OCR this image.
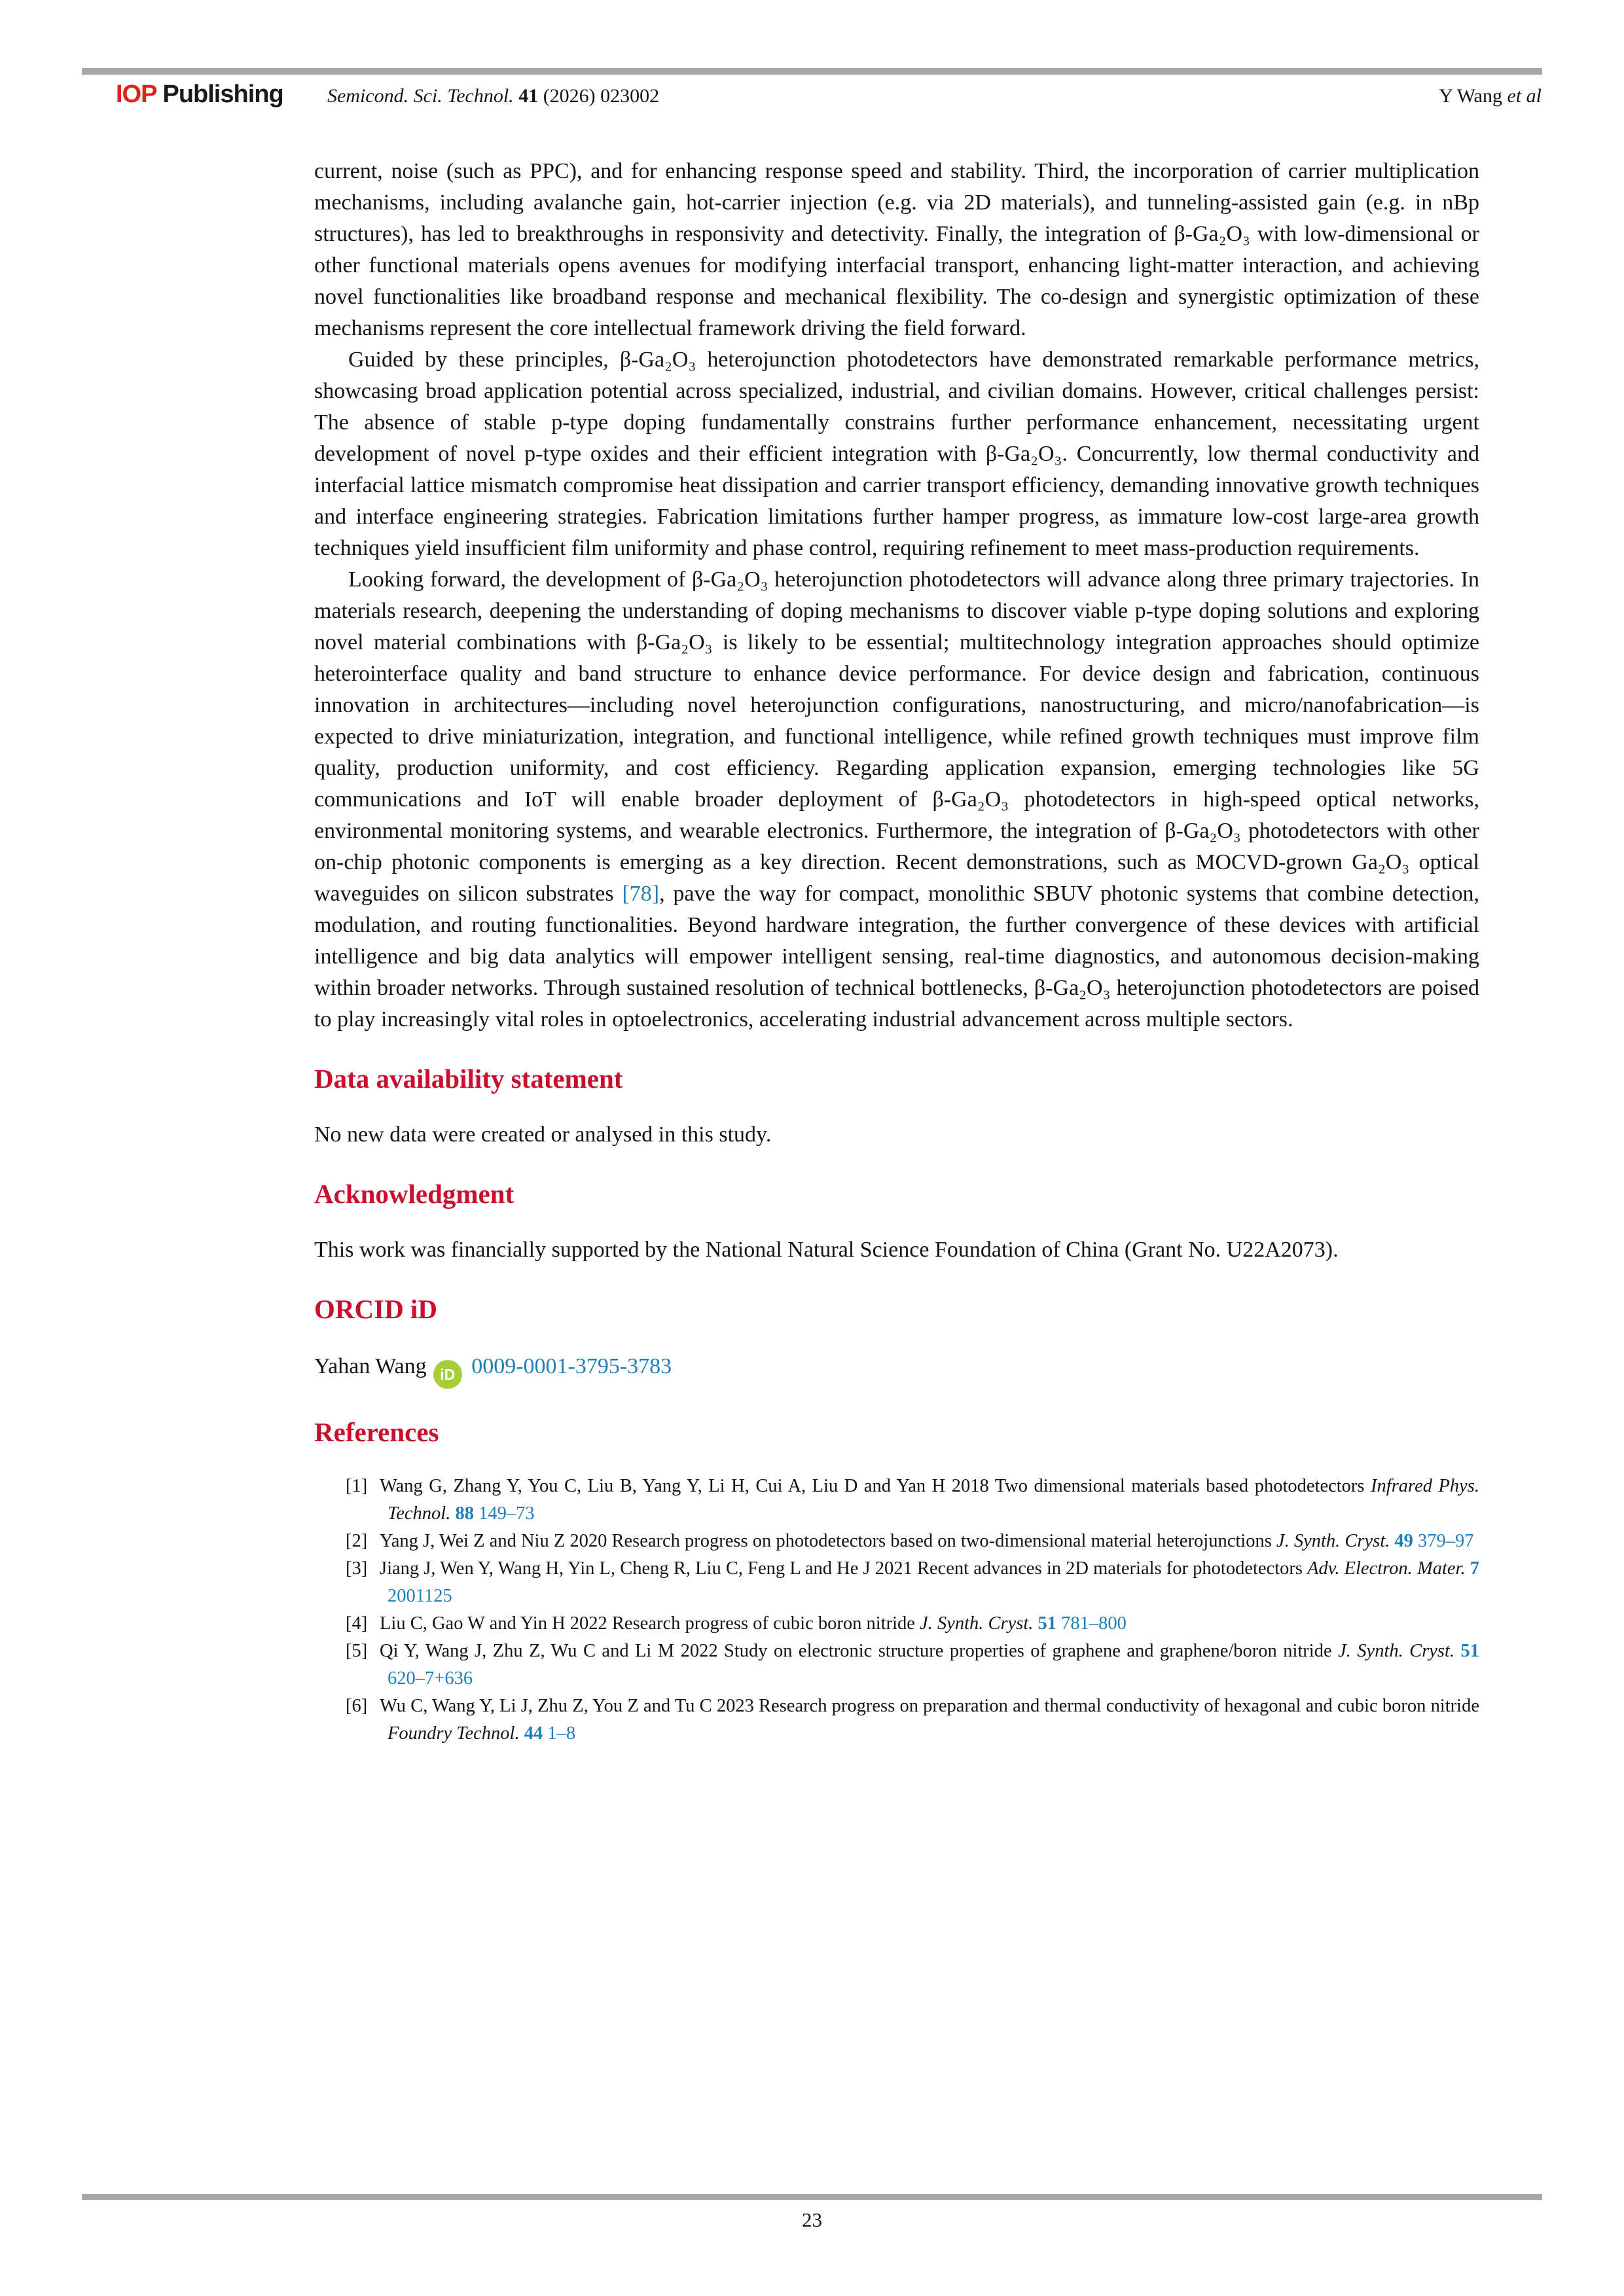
IOP Publishing Semicond. Sci. Technol. 41 (2026) 023002	Y Wang et al

current, noise (such as PPC), and for enhancing response speed and stability. Third, the incorporation of carrier multiplication mechanisms, including avalanche gain, hot-carrier injection (e.g. via 2D materials), and tunneling-assisted gain (e.g. in nBp structures), has led to breakthroughs in responsivity and detectivity. Finally, the integration of β-Ga₂O₃ with low-dimensional or other functional materials opens avenues for modifying interfacial transport, enhancing light-matter interaction, and achieving novel functionalities like broadband response and mechanical flexibility. The co-design and synergistic optimization of these mechanisms represent the core intellectual framework driving the field forward.

Guided by these principles, β-Ga₂O₃ heterojunction photodetectors have demonstrated remarkable performance metrics, showcasing broad application potential across specialized, industrial, and civilian domains. However, critical challenges persist: The absence of stable p-type doping fundamentally constrains further performance enhancement, necessitating urgent development of novel p-type oxides and their efficient integration with β-Ga₂O₃. Concurrently, low thermal conductivity and interfacial lattice mismatch compromise heat dissipation and carrier transport efficiency, demanding innovative growth techniques and interface engineering strategies. Fabrication limitations further hamper progress, as immature low-cost large-area growth techniques yield insufficient film uniformity and phase control, requiring refinement to meet mass-production requirements.

Looking forward, the development of β-Ga₂O₃ heterojunction photodetectors will advance along three primary trajectories. In materials research, deepening the understanding of doping mechanisms to discover viable p-type doping solutions and exploring novel material combinations with β-Ga₂O₃ is likely to be essential; multitechnology integration approaches should optimize heterointerface quality and band structure to enhance device performance. For device design and fabrication, continuous innovation in architectures—including novel heterojunction configurations, nanostructuring, and micro/nanofabrication—is expected to drive miniaturization, integration, and functional intelligence, while refined growth techniques must improve film quality, production uniformity, and cost efficiency. Regarding application expansion, emerging technologies like 5G communications and IoT will enable broader deployment of β-Ga₂O₃ photodetectors in high-speed optical networks, environmental monitoring systems, and wearable electronics. Furthermore, the integration of β-Ga₂O₃ photodetectors with other on-chip photonic components is emerging as a key direction. Recent demonstrations, such as MOCVD-grown Ga₂O₃ optical waveguides on silicon substrates [78], pave the way for compact, monolithic SBUV photonic systems that combine detection, modulation, and routing functionalities. Beyond hardware integration, the further convergence of these devices with artificial intelligence and big data analytics will empower intelligent sensing, real-time diagnostics, and autonomous decision-making within broader networks. Through sustained resolution of technical bottlenecks, β-Ga₂O₃ heterojunction photodetectors are poised to play increasingly vital roles in optoelectronics, accelerating industrial advancement across multiple sectors.

Data availability statement

No new data were created or analysed in this study.

Acknowledgment

This work was financially supported by the National Natural Science Foundation of China (Grant No. U22A2073).

ORCID iD

Yahan Wang iD 0009-0001-3795-3783

References
[1] Wang G, Zhang Y, You C, Liu B, Yang Y, Li H, Cui A, Liu D and Yan H 2018 Two dimensional materials based photodetectors Infrared Phys. Technol. 88 149–73
[2] Yang J, Wei Z and Niu Z 2020 Research progress on photodetectors based on two-dimensional material heterojunctions J. Synth. Cryst. 49 379–97
[3] Jiang J, Wen Y, Wang H, Yin L, Cheng R, Liu C, Feng L and He J 2021 Recent advances in 2D materials for photodetectors Adv. Electron. Mater. 7 2001125
[4] Liu C, Gao W and Yin H 2022 Research progress of cubic boron nitride J. Synth. Cryst. 51 781–800
[5] Qi Y, Wang J, Zhu Z, Wu C and Li M 2022 Study on electronic structure properties of graphene and graphene/boron nitride J. Synth. Cryst. 51 620–7+636
[6] Wu C, Wang Y, Li J, Zhu Z, You Z and Tu C 2023 Research progress on preparation and thermal conductivity of hexagonal and cubic boron nitride Foundry Technol. 44 1–8
23
